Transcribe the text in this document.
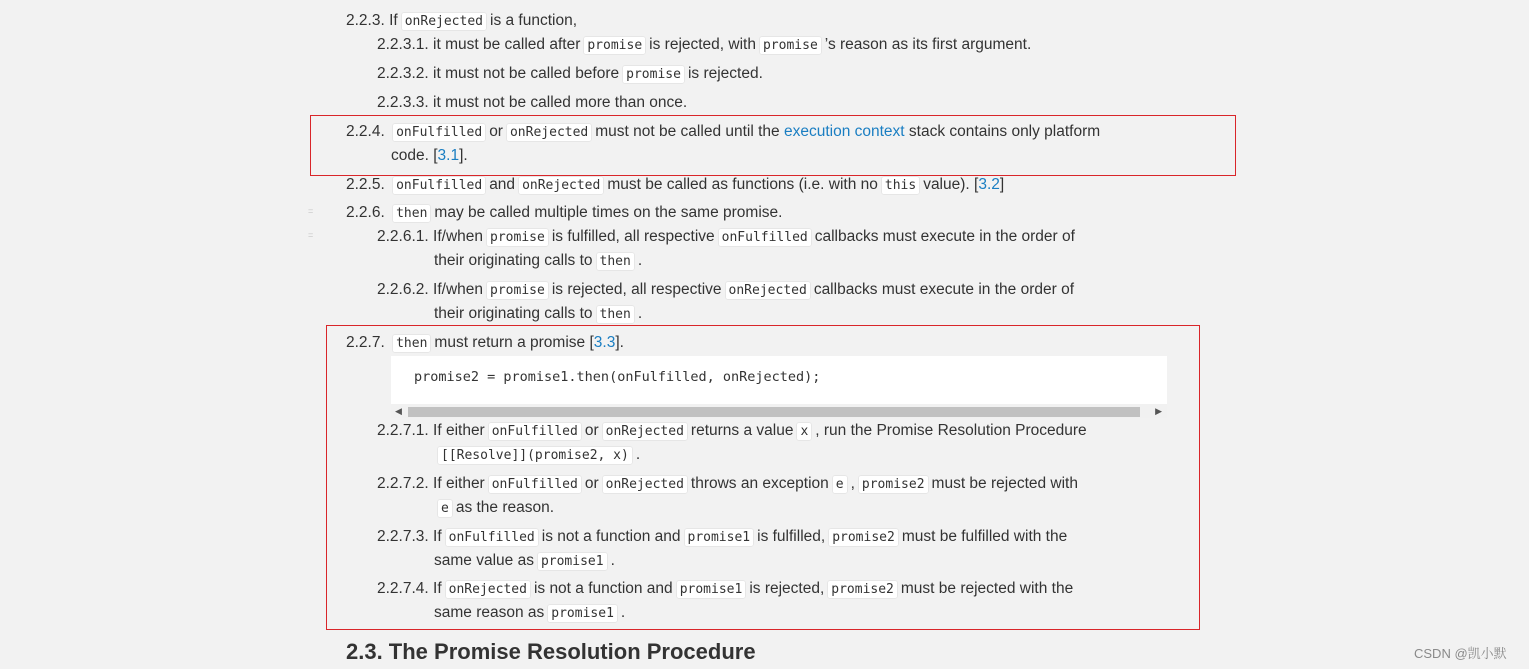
2.2.3. If onRejected is a function,
2.2.3.1. it must be called after promise is rejected, with promise ’s reason as its first argument.
2.2.3.2. it must not be called before promise is rejected.
2.2.3.3. it must not be called more than once.
2.2.4. onFulfilled or onRejected must not be called until the execution context stack contains only platform
code. [3.1].
2.2.5. onFulfilled and onRejected must be called as functions (i.e. with no this value). [3.2]
=
=
2.2.6. then may be called multiple times on the same promise.
2.2.6.1. If/when promise is fulfilled, all respective onFulfilled callbacks must execute in the order of
their originating calls to then .
2.2.6.2. If/when promise is rejected, all respective onRejected callbacks must execute in the order of
their originating calls to then .
2.2.7. then must return a promise [3.3].
promise2 = promise1.then(onFulfilled, onRejected);
◀	▶
2.2.7.1. If either onFulfilled or onRejected returns a value x , run the Promise Resolution Procedure
[[Resolve]](promise2, x) .
2.2.7.2. If either onFulfilled or onRejected throws an exception e , promise2 must be rejected with
e as the reason.
2.2.7.3. If onFulfilled is not a function and promise1 is fulfilled, promise2 must be fulfilled with the
same value as promise1 .
2.2.7.4. If onRejected is not a function and promise1 is rejected, promise2 must be rejected with the
same reason as promise1 .
2.3. The Promise Resolution Procedure	CSDN @凯小默
